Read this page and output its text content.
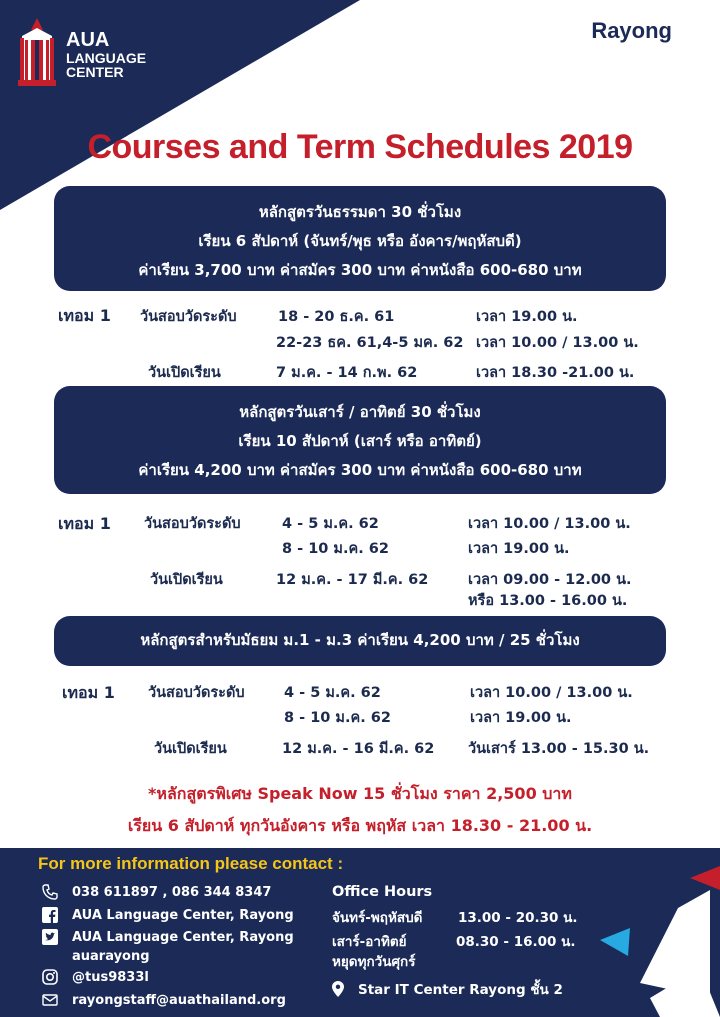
AUA
LANGUAGE
CENTER
Rayong
Courses and Term Schedules 2019
หลักสูตรวันธรรมดา 30 ชั่วโมง
เรียน 6 สัปดาห์ (จันทร์/พุธ หรือ อังคาร/พฤหัสบดี)
ค่าเรียน 3,700 บาท ค่าสมัคร 300 บาท ค่าหนังสือ 600-680 บาท
เทอม 1 วันสอบวัดระดับ	18 - 20 ธ.ค. 61	เวลา 19.00 น.
22-23 ธค. 61,4-5 มค. 62 เวลา 10.00 / 13.00 น.
วันเปิดเรียน	7 ม.ค. - 14 ก.พ. 62	เวลา 18.30 -21.00 น.
หลักสูตรวันเสาร์ / อาทิตย์ 30 ชั่วโมง
เรียน 10 สัปดาห์ (เสาร์ หรือ อาทิตย์)
ค่าเรียน 4,200 บาท ค่าสมัคร 300 บาท ค่าหนังสือ 600-680 บาท
เทอม 1 วันสอบวัดระดับ	4 - 5 ม.ค. 62	เวลา 10.00 / 13.00 น.
8 - 10 ม.ค. 62	เวลา 19.00 น.
วันเปิดเรียน	12 ม.ค. - 17 มี.ค. 62	เวลา 09.00 - 12.00 น.
หรือ 13.00 - 16.00 น.
หลักสูตรสำหรับมัธยม ม.1 - ม.3 ค่าเรียน 4,200 บาท / 25 ชั่วโมง
เทอม 1 วันสอบวัดระดับ	4 - 5 ม.ค. 62	เวลา 10.00 / 13.00 น.
8 - 10 ม.ค. 62	เวลา 19.00 น.
วันเปิดเรียน	12 ม.ค. - 16 มี.ค. 62 วันเสาร์ 13.00 - 15.30 น.
*หลักสูตรพิเศษ Speak Now 15 ชั่วโมง ราคา 2,500 บาท
เรียน 6 สัปดาห์ ทุกวันอังคาร หรือ พฤหัส เวลา 18.30 - 21.00 น.
For more information please contact :
038 611897 , 086 344 8347
AUA Language Center, Rayong
AUA Language Center, Rayong
auarayong
@tus9833l
rayongstaff@auathailand.org
Office Hours
จันทร์-พฤหัสบดี	13.00 - 20.30 น.
เสาร์-อาทิตย์	08.30 - 16.00 น.
หยุดทุกวันศุกร์
Star IT Center Rayong ชั้น 2
